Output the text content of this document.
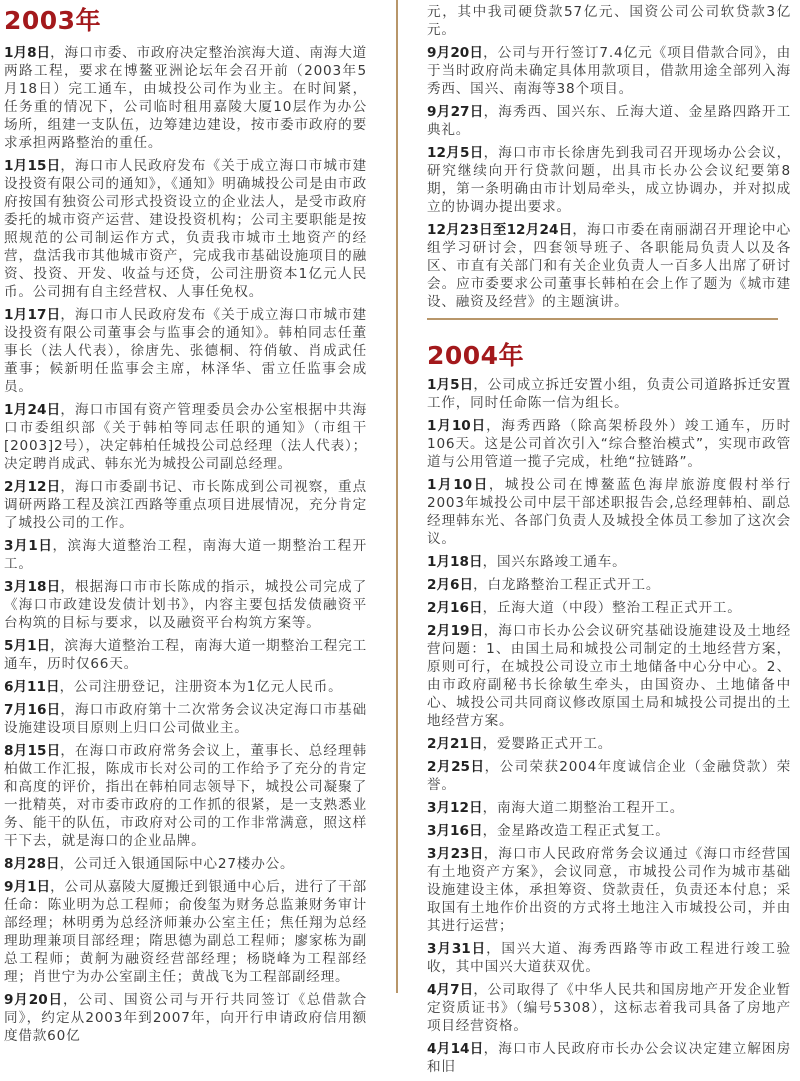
2003年

1月8日，海口市委、市政府决定整治滨海大道、南海大道两路工程，要求在博鳌亚洲论坛年会召开前（2003年5月18日）完工通车，由城投公司作为业主。在时间紧，任务重的情况下，公司临时租用嘉陵大厦10层作为办公场所，组建一支队伍，边筹建边建设，按市委市政府的要求承担两路整治的重任。

1月15日，海口市人民政府发布《关于成立海口市城市建设投资有限公司的通知》，《通知》明确城投公司是由市政府按国有独资公司形式投资设立的企业法人，是受市政府委托的城市资产运营、建设投资机构；公司主要职能是按照规范的公司制运作方式，负责我市城市土地资产的经营，盘活我市其他城市资产，完成我市基础设施项目的融资、投资、开发、收益与还贷，公司注册资本1亿元人民币。公司拥有自主经营权、人事任免权。

1月17日，海口市人民政府发布《关于成立海口市城市建设投资有限公司董事会与监事会的通知》。韩柏同志任董事长（法人代表），徐唐先、张德桐、符俏敏、肖成武任董事；候新明任监事会主席，林泽华、雷立任监事会成员。

1月24日，海口市国有资产管理委员会办公室根据中共海口市委组织部《关于韩柏等同志任职的通知》（市组干[2003]2号），决定韩柏任城投公司总经理（法人代表）；决定聘肖成武、韩东光为城投公司副总经理。

2月12日，海口市委副书记、市长陈成到公司视察，重点调研两路工程及滨江西路等重点项目进展情况，充分肯定了城投公司的工作。

3月1日，滨海大道整治工程，南海大道一期整治工程开工。

3月18日，根据海口市市长陈成的指示，城投公司完成了《海口市政建设发债计划书》，内容主要包括发债融资平台构筑的目标与要求，以及融资平台构筑方案等。

5月1日，滨海大道整治工程，南海大道一期整治工程完工通车，历时仅66天。

6月11日，公司注册登记，注册资本为1亿元人民币。

7月16日，海口市政府第十二次常务会议决定海口市基础设施建设项目原则上归口公司做业主。

8月15日，在海口市政府常务会议上，董事长、总经理韩柏做工作汇报，陈成市长对公司的工作给予了充分的肯定和高度的评价，指出在韩柏同志领导下，城投公司凝聚了一批精英，对市委市政府的工作抓的很紧，是一支熟悉业务、能干的队伍，市政府对公司的工作非常满意，照这样干下去，就是海口的企业品牌。

8月28日，公司迁入银通国际中心27楼办公。

9月1日，公司从嘉陵大厦搬迁到银通中心后，进行了干部任命：陈业明为总工程师；俞俊玺为财务总监兼财务审计部经理；林明勇为总经济师兼办公室主任；焦任翔为总经理助理兼项目部经理；隋思德为副总工程师；廖家栋为副总工程师；黄舸为融资经营部经理；杨晓峰为工程部经理；肖世宁为办公室副主任；黄战飞为工程部副经理。

9月20日，公司、国资公司与开行共同签订《总借款合同》，约定从2003年到2007年，向开行申请政府信用额度借款60亿

元，其中我司硬贷款57亿元、国资公司公司软贷款3亿元。

9月20日，公司与开行签订7.4亿元《项目借款合同》，由于当时政府尚未确定具体用款项目，借款用途全部列入海秀西、国兴、南海等38个项目。

9月27日，海秀西、国兴东、丘海大道、金星路四路开工典礼。

12月5日，海口市市长徐唐先到我司召开现场办公会议，研究继续向开行贷款问题，出具市长办公会议纪要第8期，第一条明确由市计划局牵头，成立协调办，并对拟成立的协调办提出要求。

12月23日至12月24日，海口市委在南丽湖召开理论中心组学习研讨会，四套领导班子、各职能局负责人以及各区、市直有关部门和有关企业负责人一百多人出席了研讨会。应市委要求公司董事长韩柏在会上作了题为《城市建设、融资及经营》的主题演讲。

2004年

1月5日，公司成立拆迁安置小组，负责公司道路拆迁安置工作，同时任命陈一信为组长。

1月10日，海秀西路（除高架桥段外）竣工通车，历时106天。这是公司首次引入“综合整治模式”，实现市政管道与公用管道一揽子完成，杜绝“拉链路”。

1月10日，城投公司在博鳌蓝色海岸旅游度假村举行2003年城投公司中层干部述职报告会,总经理韩柏、副总经理韩东光、各部门负责人及城投全体员工参加了这次会议。

1月18日，国兴东路竣工通车。

2月6日，白龙路整治工程正式开工。

2月16日，丘海大道（中段）整治工程正式开工。

2月19日，海口市长办公会议研究基础设施建设及土地经营问题：1、由国土局和城投公司制定的土地经营方案，原则可行，在城投公司设立市土地储备中心分中心。2、由市政府副秘书长徐敏生牵头，由国资办、土地储备中心、城投公司共同商议修改原国土局和城投公司提出的土地经营方案。

2月21日，爱婴路正式开工。

2月25日，公司荣获2004年度诚信企业（金融贷款）荣誉。

3月12日，南海大道二期整治工程开工。

3月16日，金星路改造工程正式复工。

3月23日，海口市人民政府常务会议通过《海口市经营国有土地资产方案》，会议同意，市城投公司作为城市基础设施建设主体，承担筹资、贷款责任，负责还本付息；采取国有土地作价出资的方式将土地注入市城投公司，并由其进行运营；

3月31日，国兴大道、海秀西路等市政工程进行竣工验收，其中国兴大道获双优。

4月7日，公司取得了《中华人民共和国房地产开发企业暂定资质证书》（编号5308），这标志着我司具备了房地产项目经营资格。

4月14日，海口市人民政府市长办公会议决定建立解困房和旧
